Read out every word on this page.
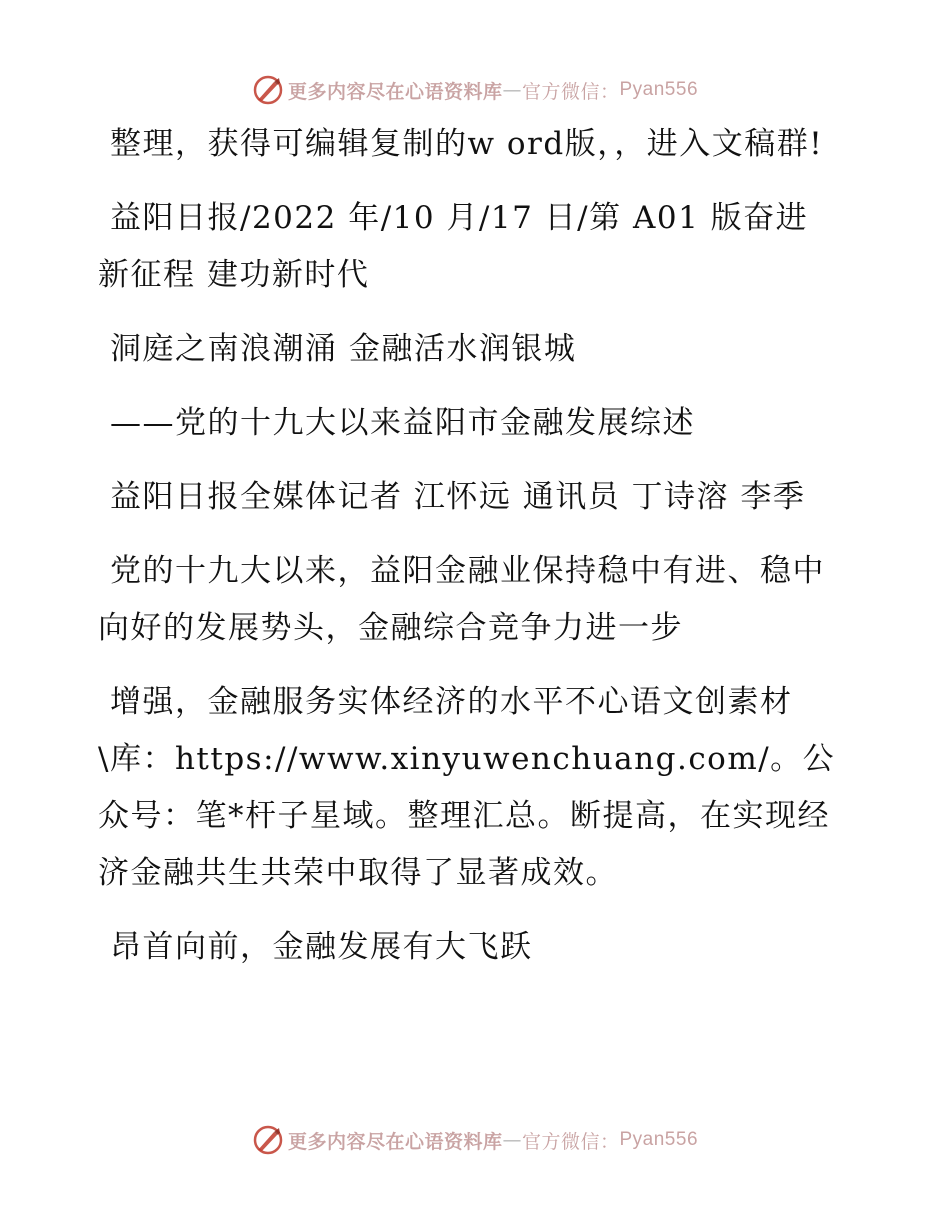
更多内容尽在心语资料库 — 官方微信： Pyan556

整理，获得可编辑复制的w ord版，，进入文稿群!

益阳日报/2022 年/10 月/17 日/第 A01 版奋进新征程 建功新时代

洞庭之南浪潮涌 金融活水润银城

——党的十九大以来益阳市金融发展综述

益阳日报全媒体记者 江怀远 通讯员 丁诗溶 李季

党的十九大以来，益阳金融业保持稳中有进、稳中向好的发展势头，金融综合竞争力进一步

增强，金融服务实体经济的水平不心语文创素材\库：https://www.xinyuwenchuang.com/。公众号：笔*杆子星域。整理汇总。断提高，在实现经济金融共生共荣中取得了显著成效。

昂首向前，金融发展有大飞跃

更多内容尽在心语资料库 — 官方微信： Pyan556
